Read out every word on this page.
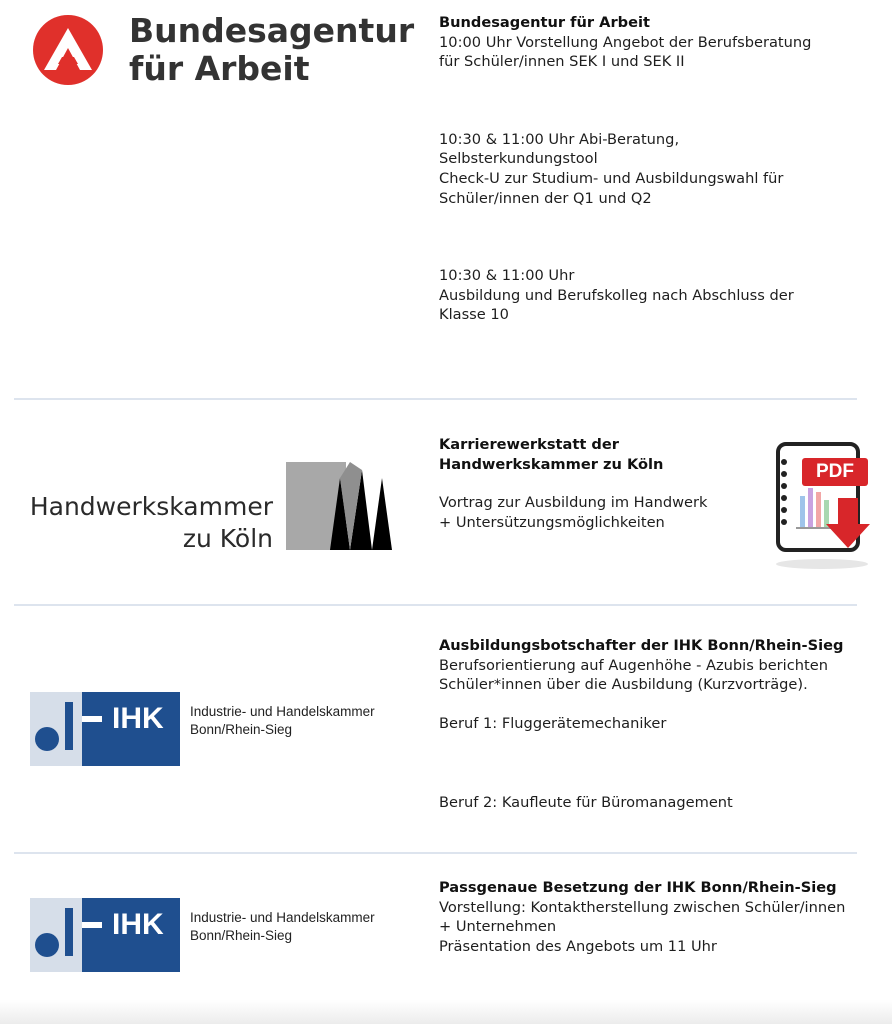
Bundesagentur
für Arbeit

Bundesagentur für Arbeit

10:00 Uhr Vorstellung Angebot der Berufsberatung

für Schüler/innen SEK I und SEK II

10:30 & 11:00 Uhr Abi-Beratung,

Selbsterkundungstool

Check-U zur Studium- und Ausbildungswahl für

Schüler/innen der Q1 und Q2

10:30 & 11:00 Uhr

Ausbildung und Berufskolleg nach Abschluss der

Klasse 10

Handwerkskammer
zu Köln

Karrierewerkstatt der

Handwerkskammer zu Köln

Vortrag zur Ausbildung im Handwerk

+ Untersützungsmöglichkeiten

PDF
IHK Industrie- und Handelskammer
Bonn/Rhein-Sieg

Ausbildungsbotschafter der IHK Bonn/Rhein-Sieg

Berufsorientierung auf Augenhöhe - Azubis berichten

Schüler*innen über die Ausbildung (Kurzvorträge).

Beruf 1: Fluggerätemechaniker

Beruf 2: Kaufleute für Büromanagement

IHK Industrie- und Handelskammer
Bonn/Rhein-Sieg

Passgenaue Besetzung der IHK Bonn/Rhein-Sieg

Vorstellung: Kontaktherstellung zwischen Schüler/innen

+ Unternehmen

Präsentation des Angebots um 11 Uhr
